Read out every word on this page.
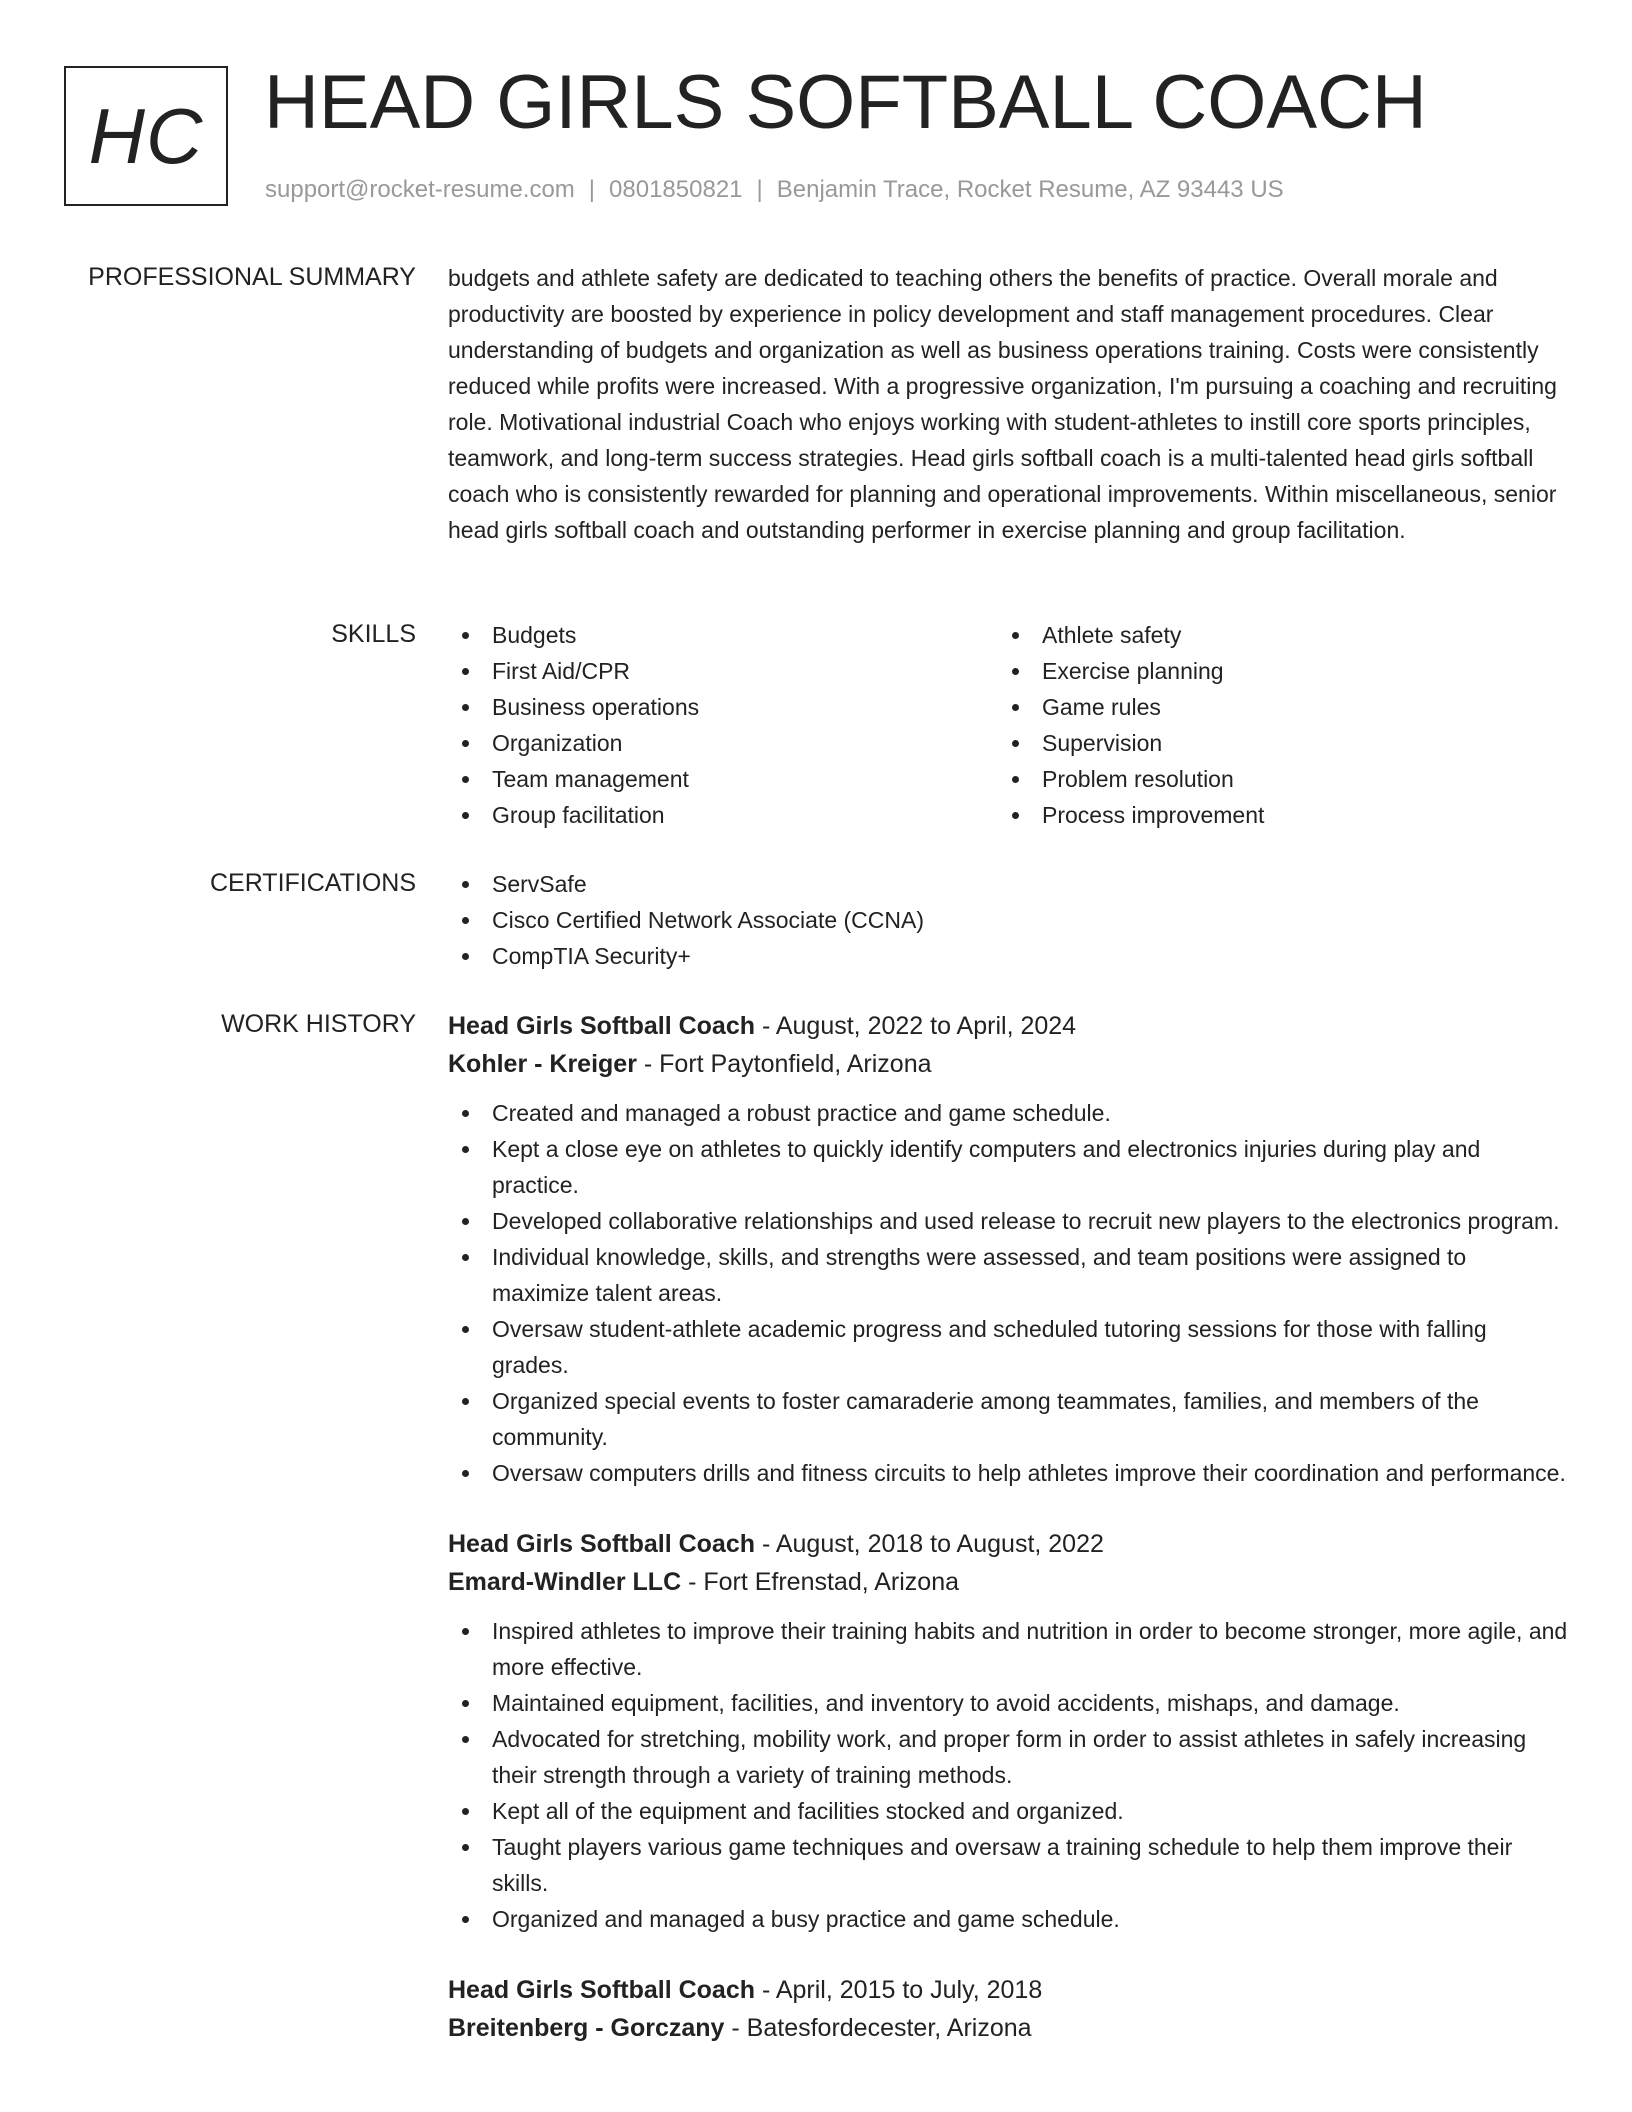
HC HEAD GIRLS SOFTBALL COACH
support@rocket-resume.com | 0801850821 | Benjamin Trace, Rocket Resume, AZ 93443 US
PROFESSIONAL SUMMARY budgets and athlete safety are dedicated to teaching others the benefits of practice. Overall morale and productivity are boosted by experience in policy development and staff management procedures. Clear understanding of budgets and organization as well as business operations training. Costs were consistently reduced while profits were increased. With a progressive organization, I'm pursuing a coaching and recruiting role. Motivational industrial Coach who enjoys working with student-athletes to instill core sports principles, teamwork, and long-term success strategies. Head girls softball coach is a multi-talented head girls softball coach who is consistently rewarded for planning and operational improvements. Within miscellaneous, senior head girls softball coach and outstanding performer in exercise planning and group facilitation.

SKILLS	Budgets
First Aid/CPR
Business operations
Organization
Team management
Group facilitation
Athlete safety
Exercise planning
Game rules
Supervision
Problem resolution
Process improvement
CERTIFICATIONS	ServSafe
Cisco Certified Network Associate (CCNA)
CompTIA Security+
WORK HISTORY Head Girls Softball Coach - August, 2022 to April, 2024
Kohler - Kreiger - Fort Paytonfield, Arizona
Created and managed a robust practice and game schedule.
Kept a close eye on athletes to quickly identify computers and electronics injuries during play and practice.
Developed collaborative relationships and used release to recruit new players to the electronics program.
Individual knowledge, skills, and strengths were assessed, and team positions were assigned to maximize talent areas.
Oversaw student-athlete academic progress and scheduled tutoring sessions for those with falling grades.
Organized special events to foster camaraderie among teammates, families, and members of the community.
Oversaw computers drills and fitness circuits to help athletes improve their coordination and performance.
Head Girls Softball Coach - August, 2018 to August, 2022
Emard-Windler LLC - Fort Efrenstad, Arizona
Inspired athletes to improve their training habits and nutrition in order to become stronger, more agile, and more effective.
Maintained equipment, facilities, and inventory to avoid accidents, mishaps, and damage.
Advocated for stretching, mobility work, and proper form in order to assist athletes in safely increasing their strength through a variety of training methods.
Kept all of the equipment and facilities stocked and organized.
Taught players various game techniques and oversaw a training schedule to help them improve their skills.
Organized and managed a busy practice and game schedule.
Head Girls Softball Coach - April, 2015 to July, 2018
Breitenberg - Gorczany - Batesfordecester, Arizona
